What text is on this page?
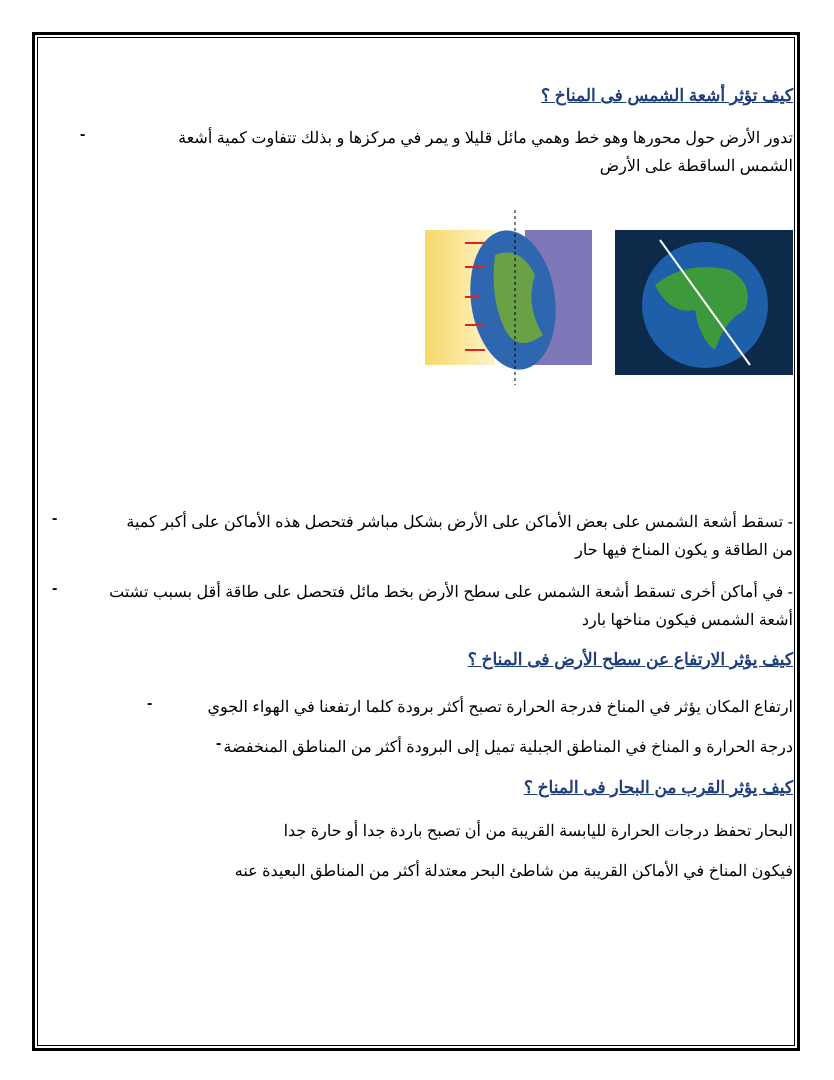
كيف تؤثر أشعة الشمس فى المناخ ؟
تدور الأرض حول محورها وهو خط وهمي مائل قليلا و يمر في مركزها و بذلك تتفاوت كمية أشعة
-
الشمس الساقطة على الأرض
- تسقط أشعة الشمس على بعض الأماكن على الأرض بشكل مباشر فتحصل هذه الأماكن على أكبر كمية
-
من الطاقة و يكون المناخ فيها حار
- في أماكن أخرى تسقط أشعة الشمس على سطح الأرض بخط مائل فتحصل على طاقة أقل بسبب تشتت
-
أشعة الشمس فيكون مناخها بارد
كيف يؤثر الارتفاع عن سطح الأرض فى المناخ ؟
ارتفاع المكان يؤثر في المناخ فدرجة الحرارة تصبح أكثر برودة كلما ارتفعنا في الهواء الجوي
-
درجة الحرارة و المناخ في المناطق الجبلية تميل إلى البرودة أكثر من المناطق المنخفضة
-
كيف يؤثر القرب من البحار فى المناخ ؟
البحار تحفظ درجات الحرارة لليابسة القريبة من أن تصبح باردة جدا أو حارة جدا
فيكون المناخ في الأماكن القريبة من شاطئ البحر معتدلة أكثر من المناطق البعيدة عنه
